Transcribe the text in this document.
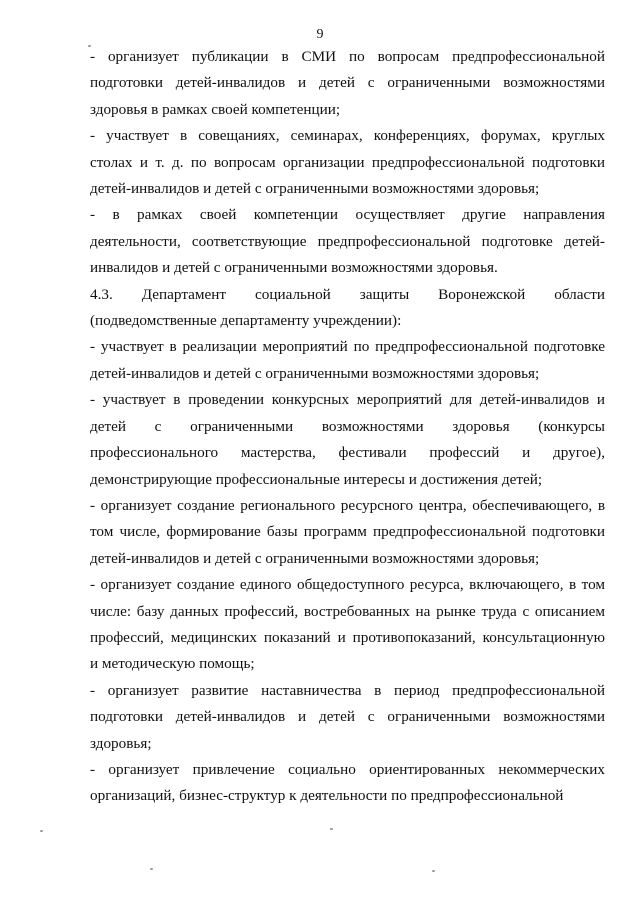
9
- организует публикации в СМИ по вопросам предпрофессиональной
подготовки детей-инвалидов и детей с ограниченными возможностями
здоровья в рамках своей компетенции;
- участвует в совещаниях, семинарах, конференциях, форумах, круглых
столах и т. д. по вопросам организации предпрофессиональной подготовки
детей-инвалидов и детей с ограниченными возможностями здоровья;
- в рамках своей компетенции осуществляет другие направления
деятельности, соответствующие предпрофессиональной подготовке детей-
инвалидов и детей с ограниченными возможностями здоровья.
4.3. Департамент социальной защиты Воронежской области
(подведомственные департаменту учреждении):
- участвует в реализации мероприятий по предпрофессиональной подготовке
детей-инвалидов и детей с ограниченными возможностями здоровья;
- участвует в проведении конкурсных мероприятий для детей-инвалидов и
детей с ограниченными возможностями здоровья (конкурсы
профессионального мастерства, фестивали профессий и другое),
демонстрирующие профессиональные интересы и достижения детей;
- организует создание регионального ресурсного центра, обеспечивающего, в
том числе, формирование базы программ предпрофессиональной подготовки
детей-инвалидов и детей с ограниченными возможностями здоровья;
- организует создание единого общедоступного ресурса, включающего, в том
числе: базу данных профессий, востребованных на рынке труда с описанием
профессий, медицинских показаний и противопоказаний, консультационную
и методическую помощь;
- организует развитие наставничества в период предпрофессиональной
подготовки детей-инвалидов и детей с ограниченными возможностями
здоровья;
- организует привлечение социально ориентированных некоммерческих
организаций, бизнес-структур к деятельности по предпрофессиональной
